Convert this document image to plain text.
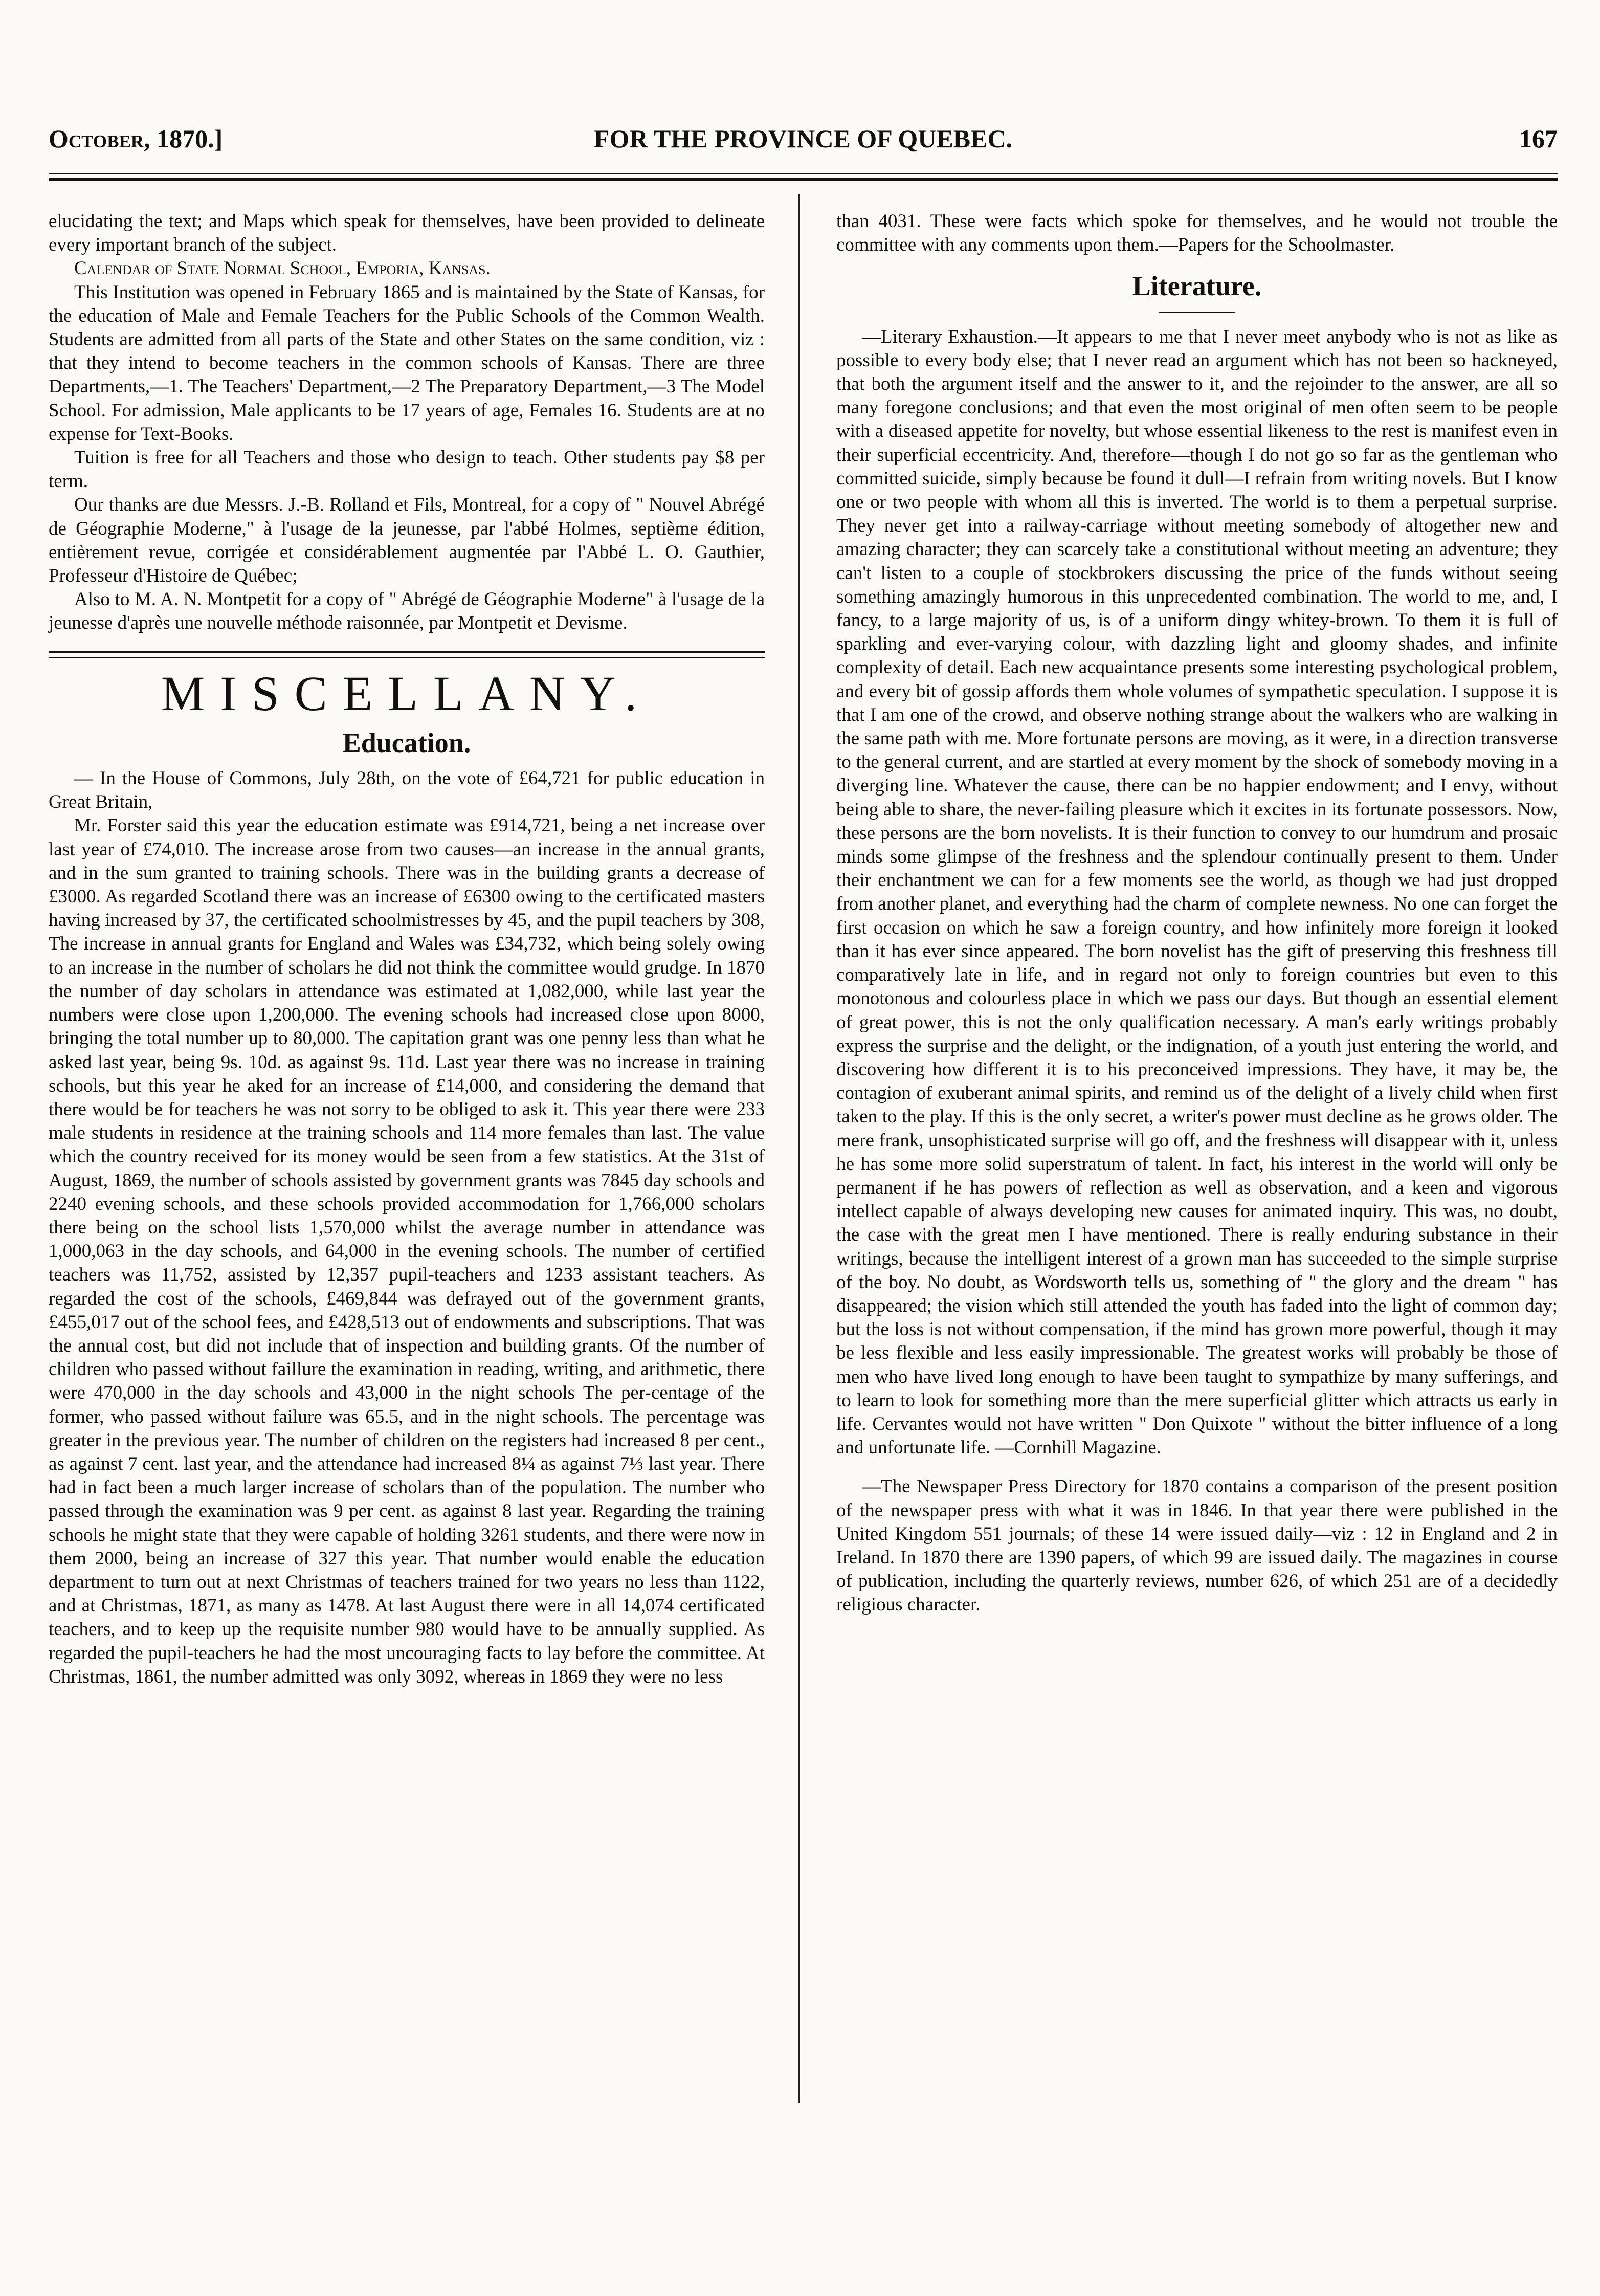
October, 1870.]	FOR THE PROVINCE OF QUEBEC.	167

elucidating the text; and Maps which speak for themselves, have been provided to delineate every important branch of the subject.

Calendar of State Normal School, Emporia, Kansas.

This Institution was opened in February 1865 and is maintained by the State of Kansas, for the education of Male and Female Teachers for the Public Schools of the Common Wealth. Students are admitted from all parts of the State and other States on the same condition, viz : that they intend to become teachers in the common schools of Kansas. There are three Departments,—1. The Teachers' Department,—2 The Preparatory Department,—3 The Model School. For admission, Male applicants to be 17 years of age, Females 16. Students are at no expense for Text-Books.

Tuition is free for all Teachers and those who design to teach. Other students pay $8 per term.

Our thanks are due Messrs. J.-B. Rolland et Fils, Montreal, for a copy of " Nouvel Abrégé de Géographie Moderne," à l'usage de la jeunesse, par l'abbé Holmes, septième édition, entièrement revue, corrigée et considérablement augmentée par l'Abbé L. O. Gauthier, Professeur d'Histoire de Québec;

Also to M. A. N. Montpetit for a copy of " Abrégé de Géographie Moderne" à l'usage de la jeunesse d'après une nouvelle méthode raisonnée, par Montpetit et Devisme.

MISCELLANY.
Education.

— In the House of Commons, July 28th, on the vote of £64,721 for public education in Great Britain,

Mr. Forster said this year the education estimate was £914,721, being a net increase over last year of £74,010. The increase arose from two causes—an increase in the annual grants, and in the sum granted to training schools. There was in the building grants a decrease of £3000. As regarded Scotland there was an increase of £6300 owing to the certificated masters having increased by 37, the certificated schoolmistresses by 45, and the pupil teachers by 308, The increase in annual grants for England and Wales was £34,732, which being solely owing to an increase in the number of scholars he did not think the committee would grudge. In 1870 the number of day scholars in attendance was estimated at 1,082,000, while last year the numbers were close upon 1,200,000. The evening schools had increased close upon 8000, bringing the total number up to 80,000. The capitation grant was one penny less than what he asked last year, being 9s. 10d. as against 9s. 11d. Last year there was no increase in training schools, but this year he aked for an increase of £14,000, and considering the demand that there would be for teachers he was not sorry to be obliged to ask it. This year there were 233 male students in residence at the training schools and 114 more females than last. The value which the country received for its money would be seen from a few statistics. At the 31st of August, 1869, the number of schools assisted by government grants was 7845 day schools and 2240 evening schools, and these schools provided accommodation for 1,766,000 scholars there being on the school lists 1,570,000 whilst the average number in attendance was 1,000,063 in the day schools, and 64,000 in the evening schools. The number of certified teachers was 11,752, assisted by 12,357 pupil-teachers and 1233 assistant teachers. As regarded the cost of the schools, £469,844 was defrayed out of the government grants, £455,017 out of the school fees, and £428,513 out of endowments and subscriptions. That was the annual cost, but did not include that of inspection and building grants. Of the number of children who passed without faillure the examination in reading, writing, and arithmetic, there were 470,000 in the day schools and 43,000 in the night schools The per-centage of the former, who passed without failure was 65.5, and in the night schools. The percentage was greater in the previous year. The number of children on the registers had increased 8 per cent., as against 7 cent. last year, and the attendance had increased 8¼ as against 7⅓ last year. There had in fact been a much larger increase of scholars than of the population. The number who passed through the examination was 9 per cent. as against 8 last year. Regarding the training schools he might state that they were capable of holding 3261 students, and there were now in them 2000, being an increase of 327 this year. That number would enable the education department to turn out at next Christmas of teachers trained for two years no less than 1122, and at Christmas, 1871, as many as 1478. At last August there were in all 14,074 certificated teachers, and to keep up the requisite number 980 would have to be annually supplied. As regarded the pupil-teachers he had the most uncouraging facts to lay before the committee. At Christmas, 1861, the number admitted was only 3092, whereas in 1869 they were no less

than 4031. These were facts which spoke for themselves, and he would not trouble the committee with any comments upon them.—Papers for the Schoolmaster.

Literature.

—Literary Exhaustion.—It appears to me that I never meet anybody who is not as like as possible to every body else; that I never read an argument which has not been so hackneyed, that both the argument itself and the answer to it, and the rejoinder to the answer, are all so many foregone conclusions; and that even the most original of men often seem to be people with a diseased appetite for novelty, but whose essential likeness to the rest is manifest even in their superficial eccentricity. And, therefore—though I do not go so far as the gentleman who committed suicide, simply because be found it dull—I refrain from writing novels. But I know one or two people with whom all this is inverted. The world is to them a perpetual surprise. They never get into a railway-carriage without meeting somebody of altogether new and amazing character; they can scarcely take a constitutional without meeting an adventure; they can't listen to a couple of stockbrokers discussing the price of the funds without seeing something amazingly humorous in this unprecedented combination. The world to me, and, I fancy, to a large majority of us, is of a uniform dingy whitey-brown. To them it is full of sparkling and ever-varying colour, with dazzling light and gloomy shades, and infinite complexity of detail. Each new acquaintance presents some interesting psychological problem, and every bit of gossip affords them whole volumes of sympathetic speculation. I suppose it is that I am one of the crowd, and observe nothing strange about the walkers who are walking in the same path with me. More fortunate persons are moving, as it were, in a direction transverse to the general current, and are startled at every moment by the shock of somebody moving in a diverging line. Whatever the cause, there can be no happier endowment; and I envy, without being able to share, the never-failing pleasure which it excites in its fortunate possessors. Now, these persons are the born novelists. It is their function to convey to our humdrum and prosaic minds some glimpse of the freshness and the splendour continually present to them. Under their enchantment we can for a few moments see the world, as though we had just dropped from another planet, and everything had the charm of complete newness. No one can forget the first occasion on which he saw a foreign country, and how infinitely more foreign it looked than it has ever since appeared. The born novelist has the gift of preserving this freshness till comparatively late in life, and in regard not only to foreign countries but even to this monotonous and colourless place in which we pass our days. But though an essential element of great power, this is not the only qualification necessary. A man's early writings probably express the surprise and the delight, or the indignation, of a youth just entering the world, and discovering how different it is to his preconceived impressions. They have, it may be, the contagion of exuberant animal spirits, and remind us of the delight of a lively child when first taken to the play. If this is the only secret, a writer's power must decline as he grows older. The mere frank, unsophisticated surprise will go off, and the freshness will disappear with it, unless he has some more solid superstratum of talent. In fact, his interest in the world will only be permanent if he has powers of reflection as well as observation, and a keen and vigorous intellect capable of always developing new causes for animated inquiry. This was, no doubt, the case with the great men I have mentioned. There is really enduring substance in their writings, because the intelligent interest of a grown man has succeeded to the simple surprise of the boy. No doubt, as Wordsworth tells us, something of " the glory and the dream " has disappeared; the vision which still attended the youth has faded into the light of common day; but the loss is not without compensation, if the mind has grown more powerful, though it may be less flexible and less easily impressionable. The greatest works will probably be those of men who have lived long enough to have been taught to sympathize by many sufferings, and to learn to look for something more than the mere superficial glitter which attracts us early in life. Cervantes would not have written " Don Quixote " without the bitter influence of a long and unfortunate life. —Cornhill Magazine.

—The Newspaper Press Directory for 1870 contains a comparison of the present position of the newspaper press with what it was in 1846. In that year there were published in the United Kingdom 551 journals; of these 14 were issued daily—viz : 12 in England and 2 in Ireland. In 1870 there are 1390 papers, of which 99 are issued daily. The magazines in course of publication, including the quarterly reviews, number 626, of which 251 are of a decidedly religious character.
